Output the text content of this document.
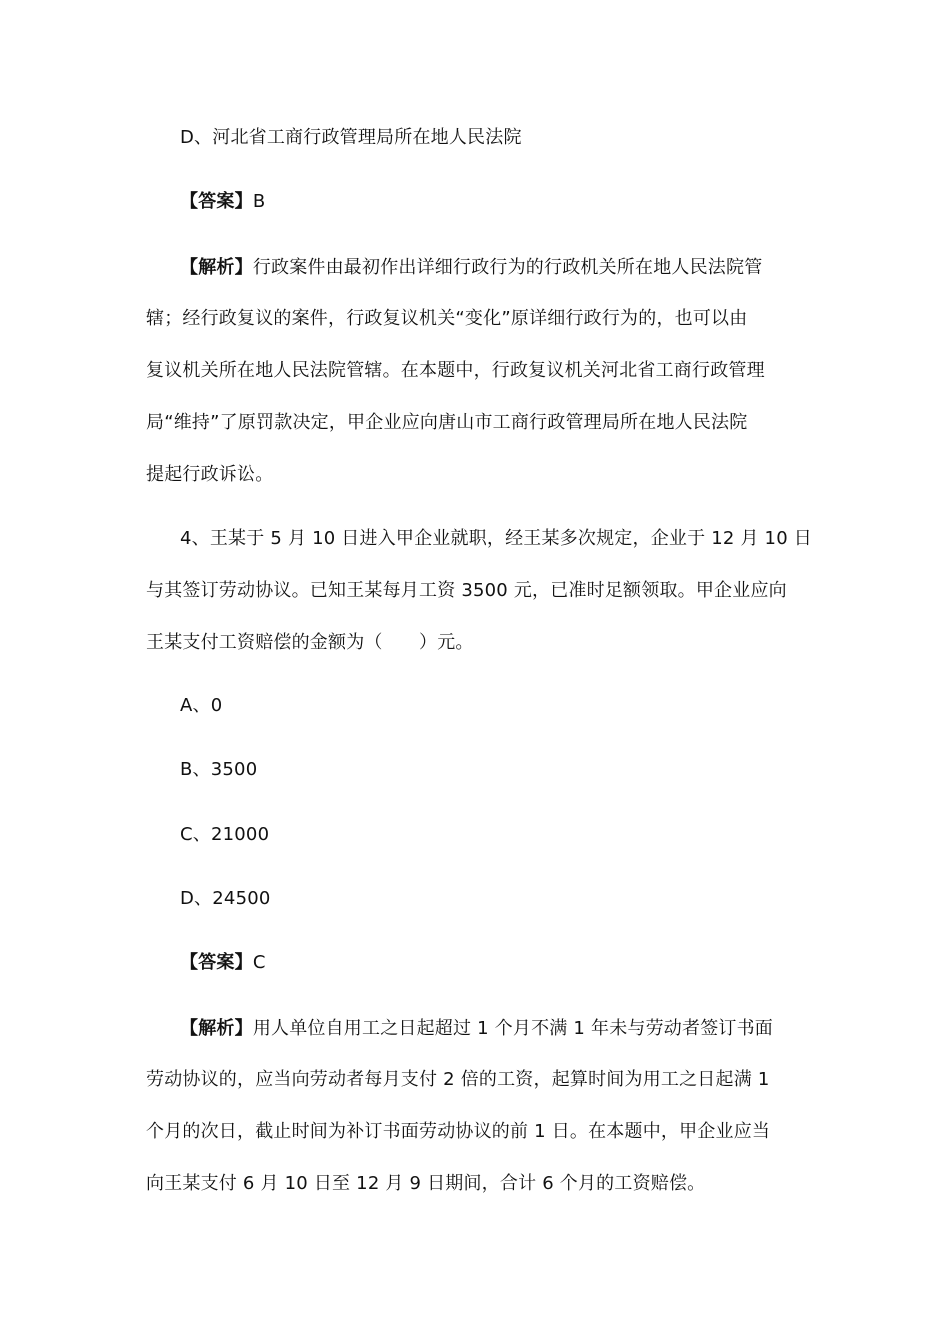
D、河北省工商行政管理局所在地人民法院
【答案】B
【解析】行政案件由最初作出详细行政行为的行政机关所在地人民法院管
辖；经行政复议的案件，行政复议机关“变化”原详细行政行为的，也可以由
复议机关所在地人民法院管辖。在本题中，行政复议机关河北省工商行政管理
局“维持”了原罚款决定，甲企业应向唐山市工商行政管理局所在地人民法院
提起行政诉讼。
4、王某于 5 月 10 日进入甲企业就职，经王某多次规定，企业于 12 月 10 日
与其签订劳动协议。已知王某每月工资 3500 元，已准时足额领取。甲企业应向
王某支付工资赔偿的金额为（　　）元。
A、0
B、3500
C、21000
D、24500
【答案】C
【解析】用人单位自用工之日起超过 1 个月不满 1 年未与劳动者签订书面
劳动协议的，应当向劳动者每月支付 2 倍的工资，起算时间为用工之日起满 1
个月的次日，截止时间为补订书面劳动协议的前 1 日。在本题中，甲企业应当
向王某支付 6 月 10 日至 12 月 9 日期间，合计 6 个月的工资赔偿。
